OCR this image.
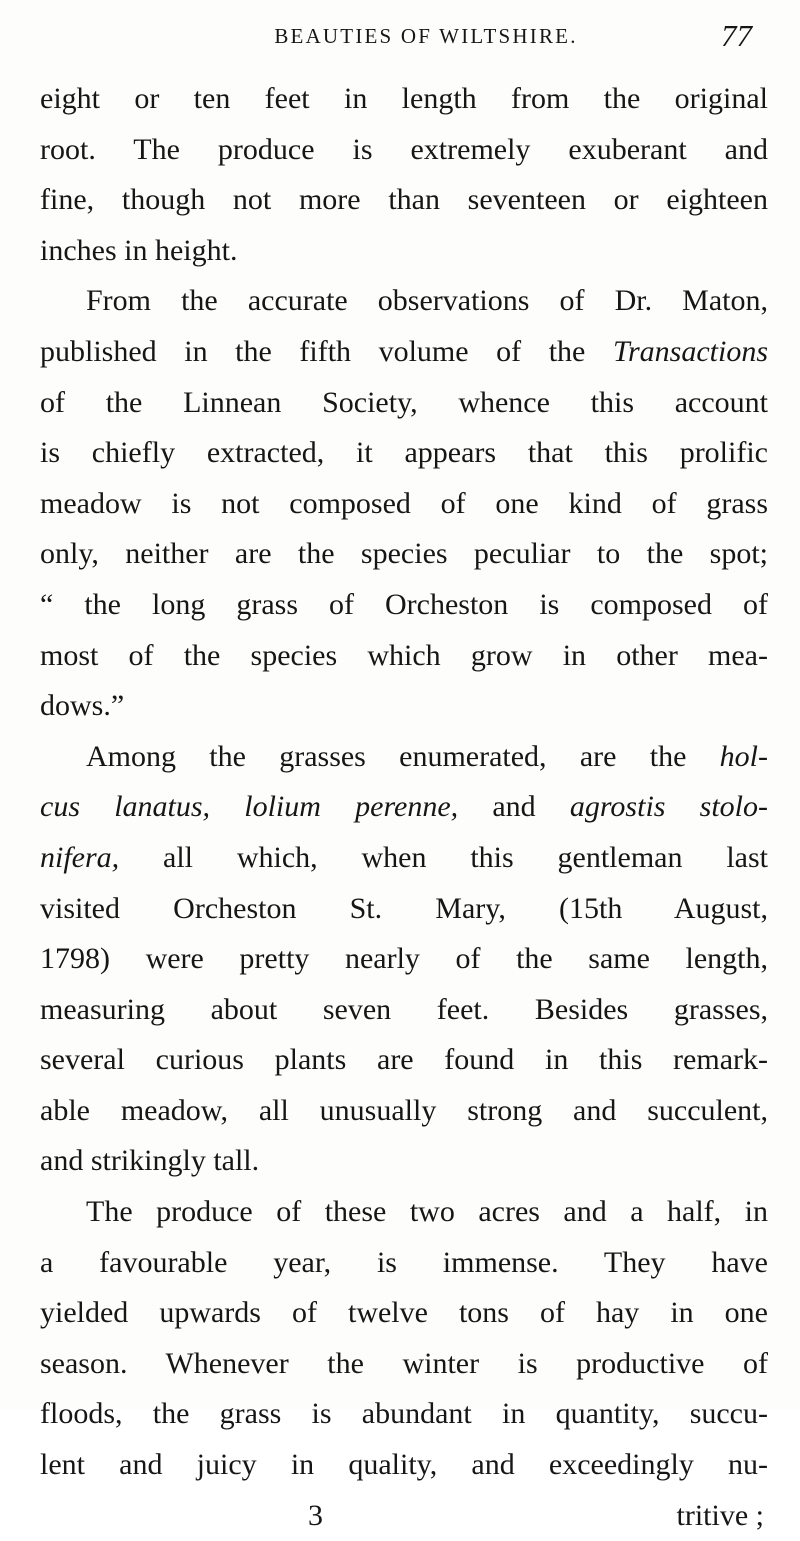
BEAUTIES OF WILTSHIRE.	77
eight or ten feet in length from the original
root. The produce is extremely exuberant and
fine, though not more than seventeen or eighteen
inches in height.
From the accurate observations of Dr. Maton,
published in the fifth volume of the Transactions
of the Linnean Society, whence this account
is chiefly extracted, it appears that this prolific
meadow is not composed of one kind of grass
only, neither are the species peculiar to the spot;
“ the long grass of Orcheston is composed of
most of the species which grow in other mea-
dows.”
Among the grasses enumerated, are the hol-
cus lanatus, lolium perenne, and agrostis stolo-
nifera, all which, when this gentleman last
visited Orcheston St. Mary, (15th August,
1798) were pretty nearly of the same length,
measuring about seven feet. Besides grasses,
several curious plants are found in this remark-
able meadow, all unusually strong and succulent,
and strikingly tall.
The produce of these two acres and a half, in
a favourable year, is immense. They have
yielded upwards of twelve tons of hay in one
season. Whenever the winter is productive of
floods, the grass is abundant in quantity, succu-
lent and juicy in quality, and exceedingly nu-
3	tritive ;
